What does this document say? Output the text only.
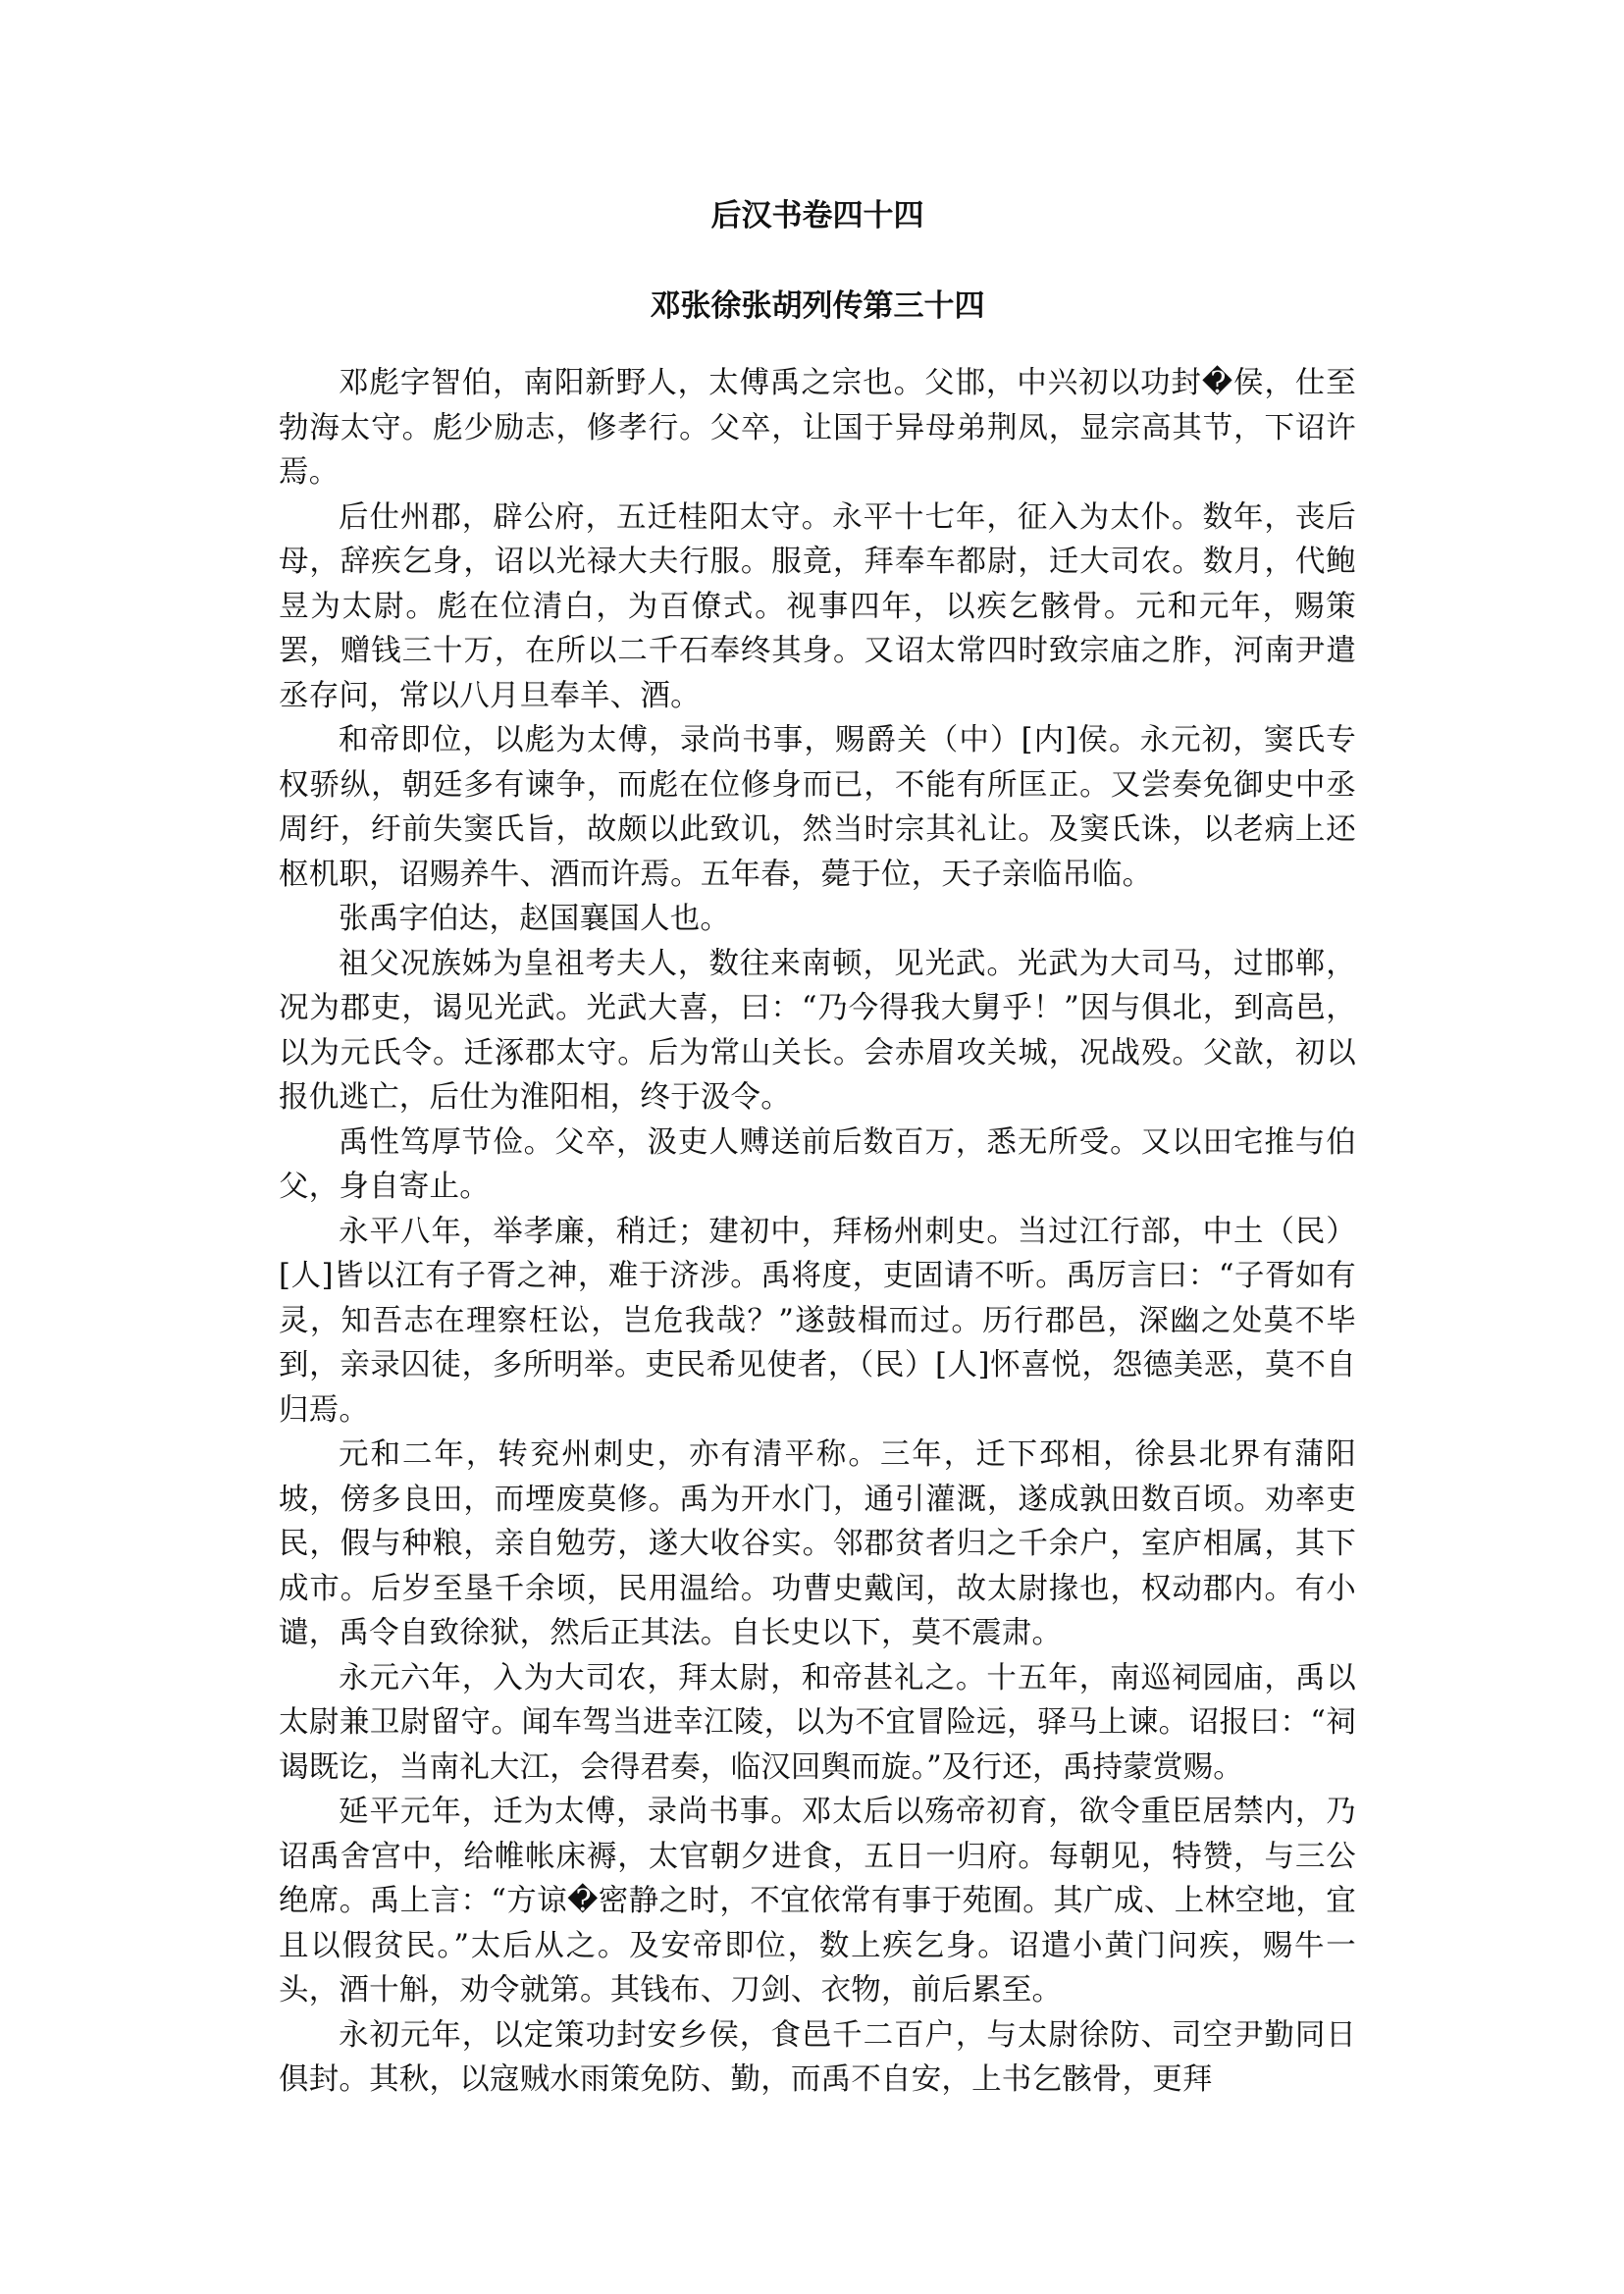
后汉书卷四十四
邓张徐张胡列传第三十四

邓彪字智伯，南阳新野人，太傅禹之宗也。父邯，中兴初以功封�侯，仕至勃海太守。彪少励志，修孝行。父卒，让国于异母弟荆凤，显宗高其节，下诏许焉。

后仕州郡，辟公府，五迁桂阳太守。永平十七年，征入为太仆。数年，丧后母，辞疾乞身，诏以光禄大夫行服。服竟，拜奉车都尉，迁大司农。数月，代鲍昱为太尉。彪在位清白，为百僚式。视事四年，以疾乞骸骨。元和元年，赐策罢，赠钱三十万，在所以二千石奉终其身。又诏太常四时致宗庙之胙，河南尹遣丞存问，常以八月旦奉羊、酒。

和帝即位，以彪为太傅，录尚书事，赐爵关（中）[内]侯。永元初，窦氏专权骄纵，朝廷多有谏争，而彪在位修身而已，不能有所匡正。又尝奏免御史中丞周纡，纡前失窦氏旨，故颇以此致讥，然当时宗其礼让。及窦氏诛，以老病上还枢机职，诏赐养牛、酒而许焉。五年春，薨于位，天子亲临吊临。

张禹字伯达，赵国襄国人也。

祖父况族姊为皇祖考夫人，数往来南顿，见光武。光武为大司马，过邯郸，况为郡吏，谒见光武。光武大喜，曰：“乃今得我大舅乎！”因与俱北，到高邑，以为元氏令。迁涿郡太守。后为常山关长。会赤眉攻关城，况战殁。父歆，初以报仇逃亡，后仕为淮阳相，终于汲令。

禹性笃厚节俭。父卒，汲吏人赙送前后数百万，悉无所受。又以田宅推与伯父，身自寄止。

永平八年，举孝廉，稍迁；建初中，拜杨州刺史。当过江行部，中土（民）[人]皆以江有子胥之神，难于济涉。禹将度，吏固请不听。禹厉言曰：“子胥如有灵，知吾志在理察枉讼，岂危我哉？”遂鼓楫而过。历行郡邑，深幽之处莫不毕到，亲录囚徒，多所明举。吏民希见使者，（民）[人]怀喜悦，怨德美恶，莫不自归焉。

元和二年，转兖州刺史，亦有清平称。三年，迁下邳相，徐县北界有蒲阳坡，傍多良田，而堙废莫修。禹为开水门，通引灌溉，遂成孰田数百顷。劝率吏民，假与种粮，亲自勉劳，遂大收谷实。邻郡贫者归之千余户，室庐相属，其下成市。后岁至垦千余顷，民用温给。功曹史戴闰，故太尉掾也，权动郡内。有小谴，禹令自致徐狱，然后正其法。自长史以下，莫不震肃。

永元六年，入为大司农，拜太尉，和帝甚礼之。十五年，南巡祠园庙，禹以太尉兼卫尉留守。闻车驾当进幸江陵，以为不宜冒险远，驿马上谏。诏报曰：“祠谒既讫，当南礼大江，会得君奏，临汉回舆而旋。”及行还，禹持蒙赏赐。

延平元年，迁为太傅，录尚书事。邓太后以殇帝初育，欲令重臣居禁内，乃诏禹舍宫中，给帷帐床褥，太官朝夕进食，五日一归府。每朝见，特赞，与三公绝席。禹上言：“方谅�密静之时，不宜依常有事于苑囿。其广成、上林空地，宜且以假贫民。”太后从之。及安帝即位，数上疾乞身。诏遣小黄门问疾，赐牛一头，酒十斛，劝令就第。其钱布、刀剑、衣物，前后累至。

永初元年，以定策功封安乡侯，食邑千二百户，与太尉徐防、司空尹勤同日俱封。其秋，以寇贼水雨策免防、勤，而禹不自安，上书乞骸骨，更拜
